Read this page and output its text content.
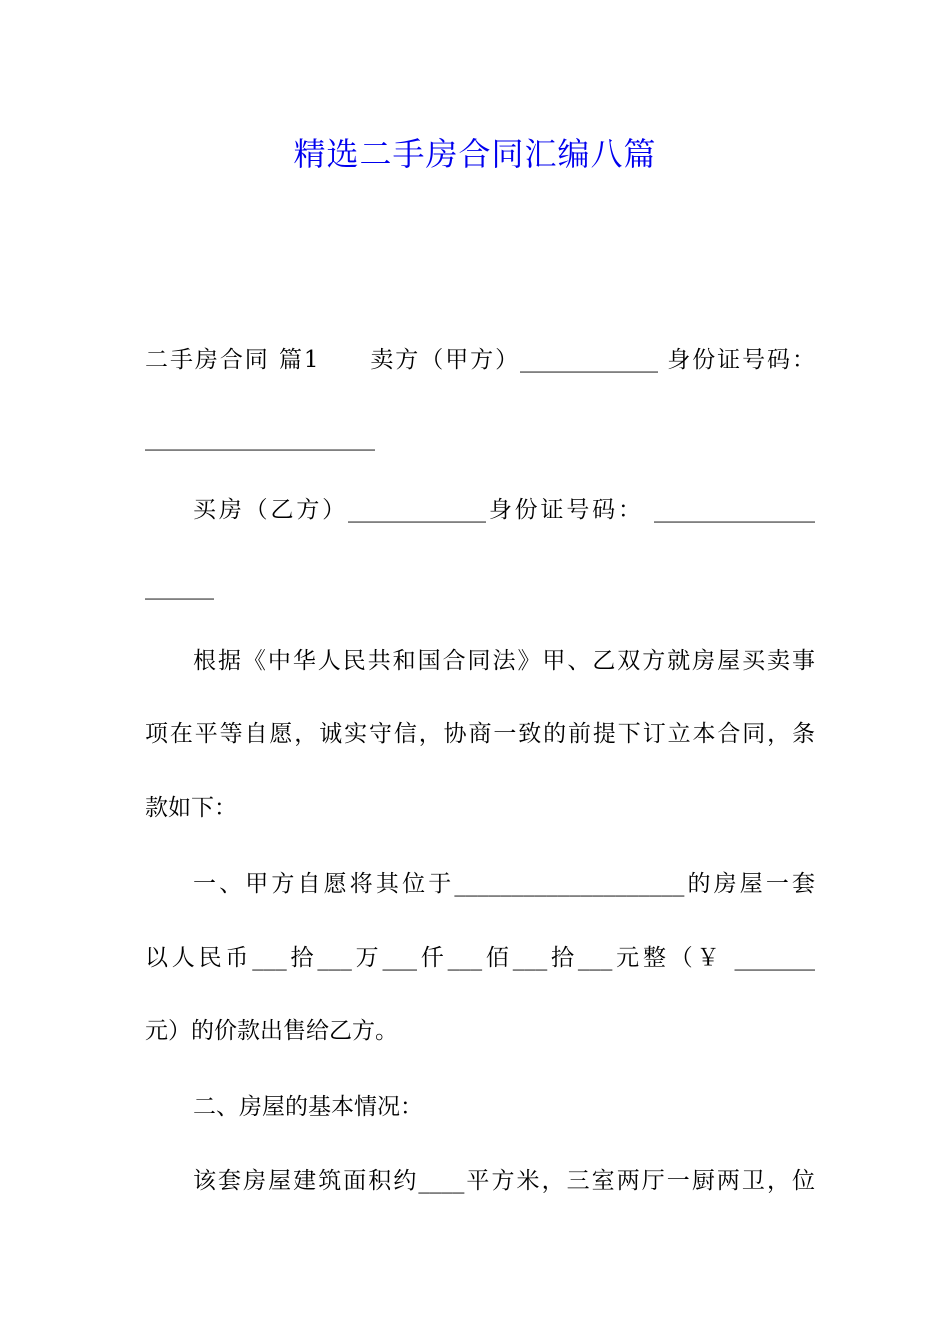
精选二手房合同汇编八篇
二手房合同 篇1　　卖方（甲方）____________ 身份证号码：
____________________
买房（乙方）____________身份证号码： ______________
______
根据《中华人民共和国合同法》甲、乙双方就房屋买卖事
项在平等自愿，诚实守信，协商一致的前提下订立本合同，条
款如下：
一、甲方自愿将其位于____________________的房屋一套
以人民币___拾___万___仟___佰___拾___元整（￥ _______
元）的价款出售给乙方。
二、房屋的基本情况：
该套房屋建筑面积约____平方米，三室两厅一厨两卫，位
